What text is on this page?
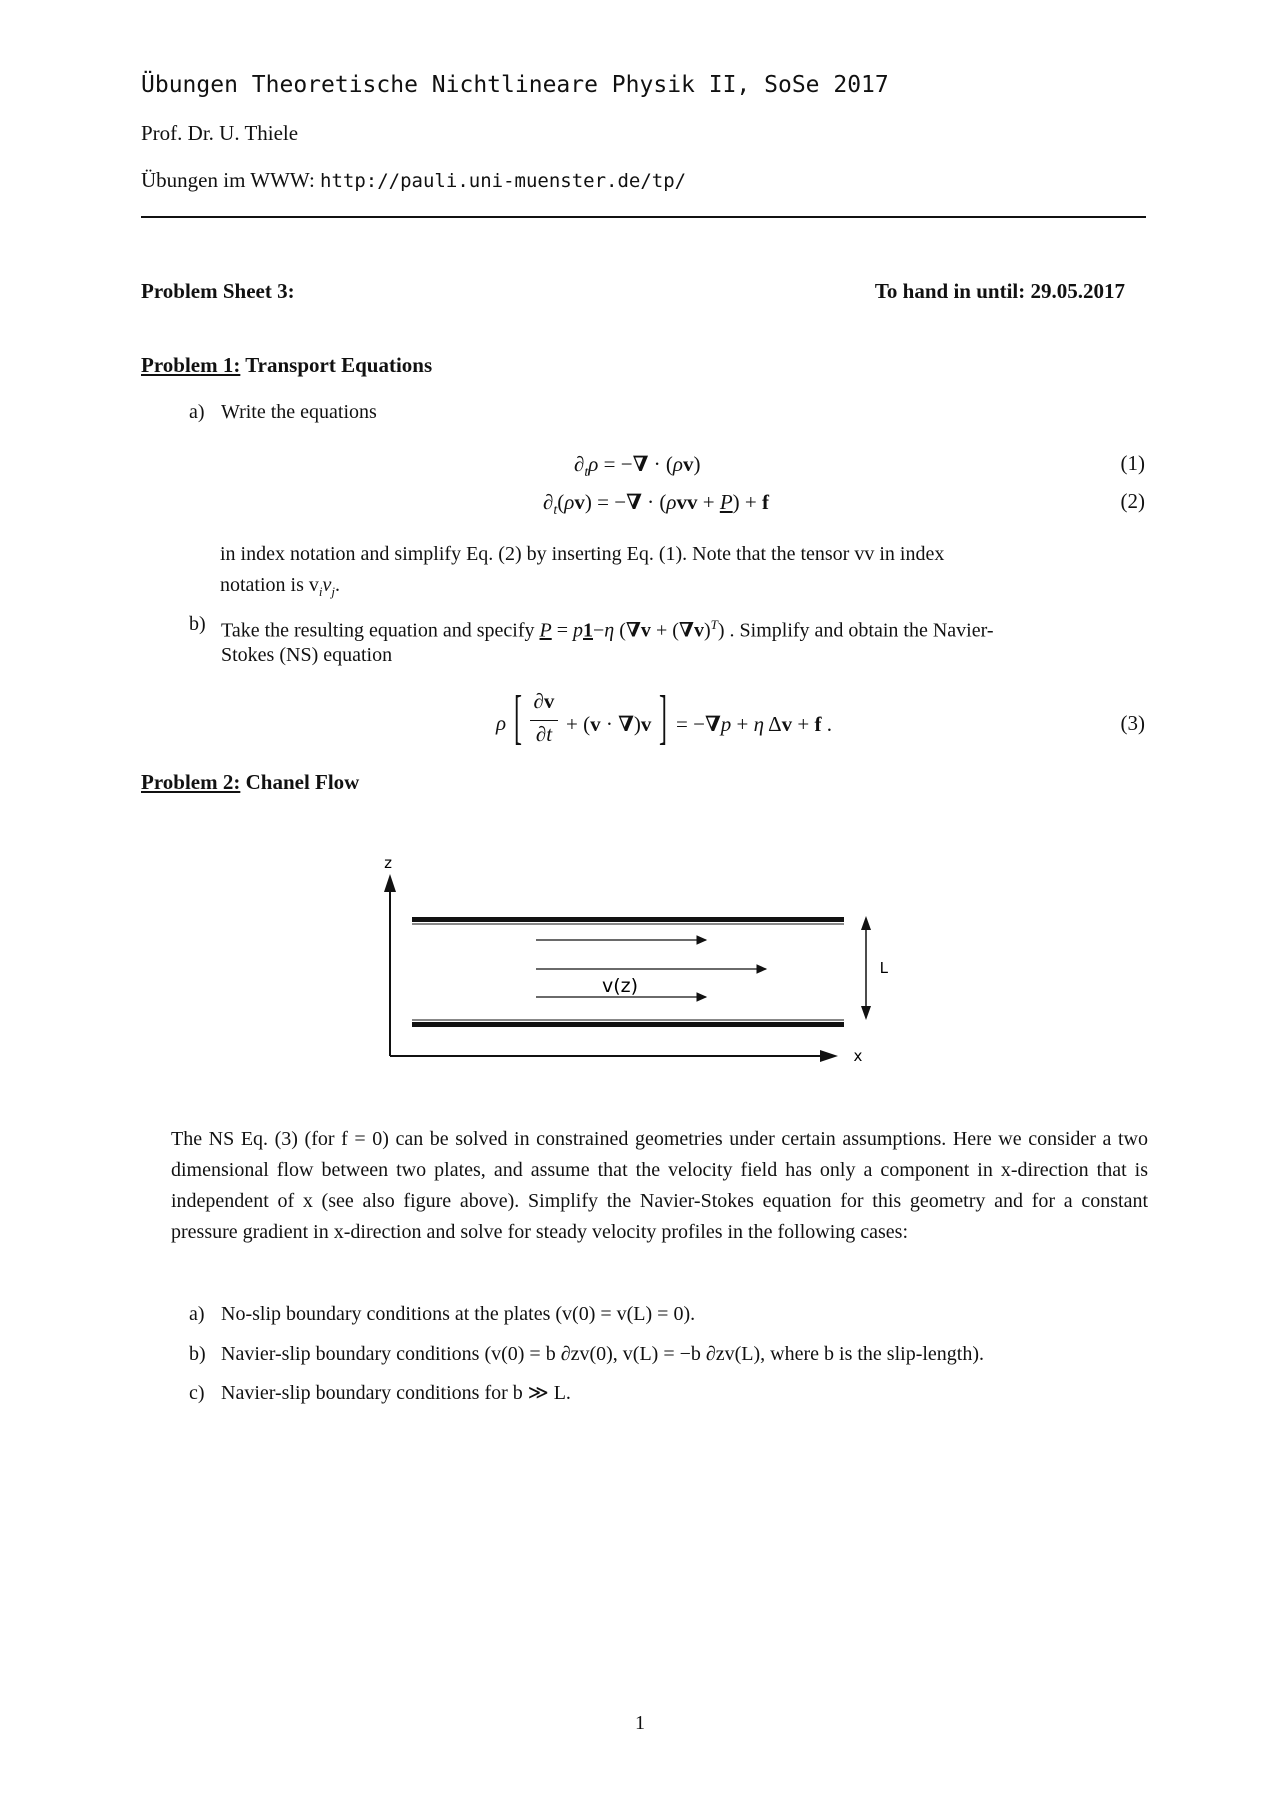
Übungen Theoretische Nichtlineare Physik II, SoSe 2017
Prof. Dr. U. Thiele
Übungen im WWW: http://pauli.uni-muenster.de/tp/
Problem Sheet 3:	To hand in until: 29.05.2017
Problem 1: Transport Equations
a) Write the equations
$\partial_t\rho$ = −∇ · (ρv)	(1)
$\partial_t(\rho v)$ = −∇ · (ρvv + P) + f	(2)
in index notation and simplify Eq. (2) by inserting Eq. (1). Note that the tensor vv in index
notation is $v_iv_j$.
b) Take the resulting equation and specify P = p1−η $(\nabla v + (\nabla v)^T)$ . Simplify and obtain the Navier-
Stokes (NS) equation
ρ [ ∂v
∂t + (v · ∇)v ] = −∇p + η Δv + f .	(3)
Problem 2: Chanel Flow
z
x
v(z)
L
The NS Eq. (3) (for f = 0) can be solved in constrained geometries under certain assumptions. Here we consider a two dimensional flow between two plates, and assume that the velocity field has only a component in x-direction that is independent of x (see also figure above). Simplify the Navier-Stokes equation for this geometry and for a constant pressure gradient in x-direction and solve for steady velocity profiles in the following cases:
a) No-slip boundary conditions at the plates (v(0) = v(L) = 0).
b) Navier-slip boundary conditions (v(0) = b ∂zv(0), v(L) = −b ∂zv(L), where b is the slip-length).
c) Navier-slip boundary conditions for b ≫ L.
1
